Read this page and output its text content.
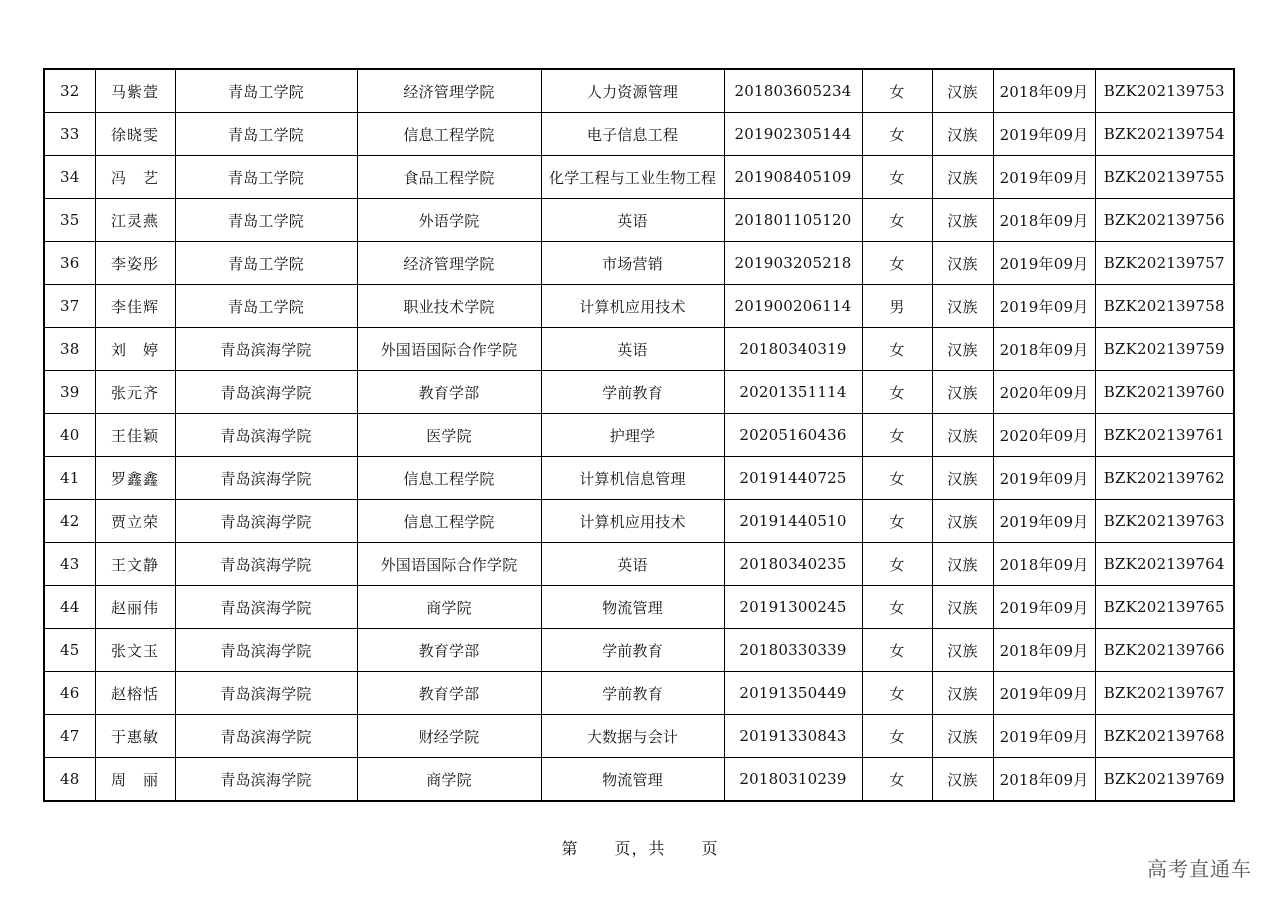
32	马紫萱	青岛工学院	经济管理学院	人力资源管理	201803605234	女	汉族	2018年09月	BZK202139753
33	徐晓雯	青岛工学院	信息工程学院	电子信息工程	201902305144	女	汉族	2019年09月	BZK202139754
34	冯　艺	青岛工学院	食品工程学院	化学工程与工业生物工程	201908405109	女	汉族	2019年09月	BZK202139755
35	江灵燕	青岛工学院	外语学院	英语	201801105120	女	汉族	2018年09月	BZK202139756
36	李姿彤	青岛工学院	经济管理学院	市场营销	201903205218	女	汉族	2019年09月	BZK202139757
37	李佳辉	青岛工学院	职业技术学院	计算机应用技术	201900206114	男	汉族	2019年09月	BZK202139758
38	刘　婷	青岛滨海学院	外国语国际合作学院	英语	20180340319	女	汉族	2018年09月	BZK202139759
39	张元齐	青岛滨海学院	教育学部	学前教育	20201351114	女	汉族	2020年09月	BZK202139760
40	王佳颖	青岛滨海学院	医学院	护理学	20205160436	女	汉族	2020年09月	BZK202139761
41	罗鑫鑫	青岛滨海学院	信息工程学院	计算机信息管理	20191440725	女	汉族	2019年09月	BZK202139762
42	贾立荣	青岛滨海学院	信息工程学院	计算机应用技术	20191440510	女	汉族	2019年09月	BZK202139763
43	王文静	青岛滨海学院	外国语国际合作学院	英语	20180340235	女	汉族	2018年09月	BZK202139764
44	赵丽伟	青岛滨海学院	商学院	物流管理	20191300245	女	汉族	2019年09月	BZK202139765
45	张文玉	青岛滨海学院	教育学部	学前教育	20180330339	女	汉族	2018年09月	BZK202139766
46	赵榕恬	青岛滨海学院	教育学部	学前教育	20191350449	女	汉族	2019年09月	BZK202139767
47	于惠敏	青岛滨海学院	财经学院	大数据与会计	20191330843	女	汉族	2019年09月	BZK202139768
48	周　丽	青岛滨海学院	商学院	物流管理	20180310239	女	汉族	2018年09月	BZK202139769
第 页，共 页
高考直通车
